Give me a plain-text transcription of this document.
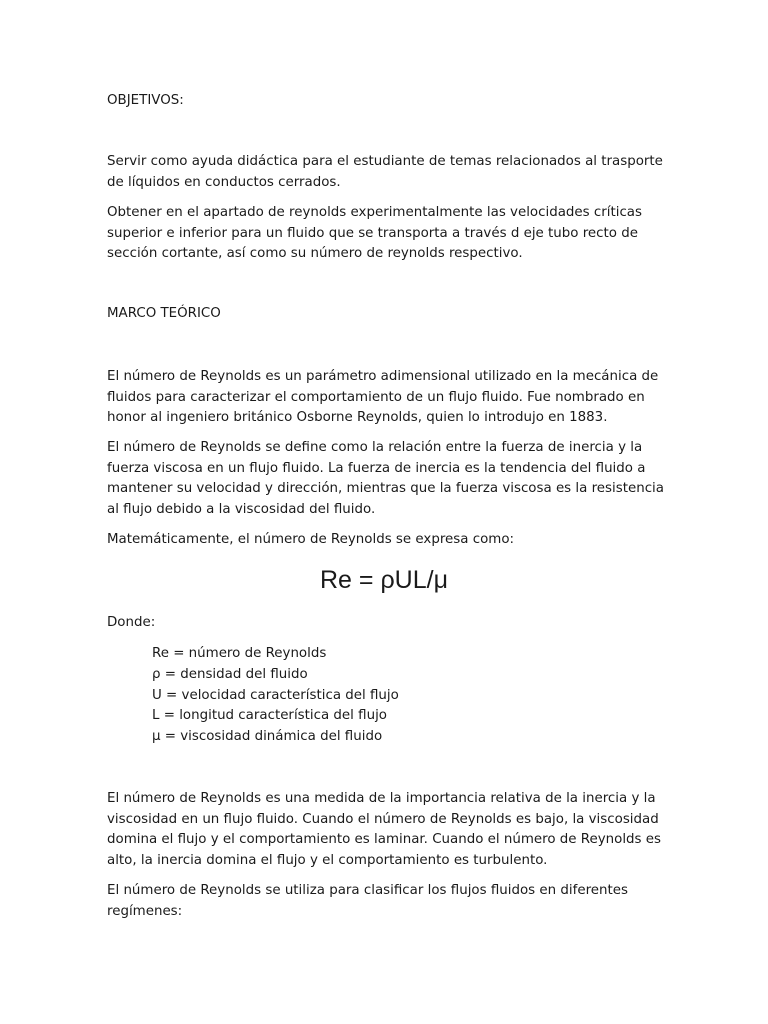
OBJETIVOS:

Servir como ayuda didáctica para el estudiante de temas relacionados al trasporte de líquidos en conductos cerrados.

Obtener en el apartado de reynolds experimentalmente las velocidades críticas superior e inferior para un fluido que se transporta a través d eje tubo recto de sección cortante, así como su número de reynolds respectivo.

MARCO TEÓRICO

El número de Reynolds es un parámetro adimensional utilizado en la mecánica de fluidos para caracterizar el comportamiento de un flujo fluido. Fue nombrado en honor al ingeniero británico Osborne Reynolds, quien lo introdujo en 1883.

El número de Reynolds se define como la relación entre la fuerza de inercia y la fuerza viscosa en un flujo fluido. La fuerza de inercia es la tendencia del fluido a mantener su velocidad y dirección, mientras que la fuerza viscosa es la resistencia al flujo debido a la viscosidad del fluido.

Matemáticamente, el número de Reynolds se expresa como:

Re = ρUL/μ

Donde:

Re = número de Reynolds
ρ = densidad del fluido
U = velocidad característica del flujo
L = longitud característica del flujo
μ = viscosidad dinámica del fluido

El número de Reynolds es una medida de la importancia relativa de la inercia y la viscosidad en un flujo fluido. Cuando el número de Reynolds es bajo, la viscosidad domina el flujo y el comportamiento es laminar. Cuando el número de Reynolds es alto, la inercia domina el flujo y el comportamiento es turbulento.

El número de Reynolds se utiliza para clasificar los flujos fluidos en diferentes regímenes:
